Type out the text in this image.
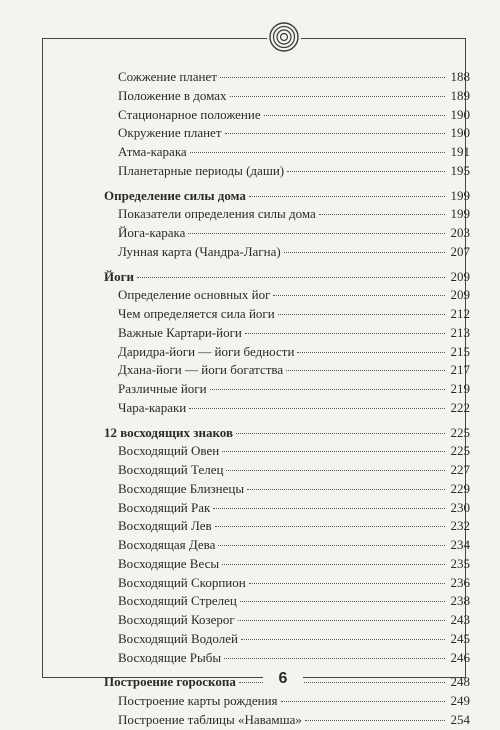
Сожжение планет	188
Положение в домах	189
Стационарное положение	190
Окружение планет	190
Атма-карака	191
Планетарные периоды (даши)	195
Определение силы дома	199
Показатели определения силы дома	199
Йога-карака	203
Лунная карта (Чандра-Лагна)	207
Йоги	209
Определение основных йог	209
Чем определяется сила йоги	212
Важные Картари-йоги	213
Даридра-йоги — йоги бедности	215
Дхана-йоги — йоги богатства	217
Различные йоги	219
Чара-караки	222
12 восходящих знаков	225
Восходящий Овен	225
Восходящий Телец	227
Восходящие Близнецы	229
Восходящий Рак	230
Восходящий Лев	232
Восходящая Дева	234
Восходящие Весы	235
Восходящий Скорпион	236
Восходящий Стрелец	238
Восходящий Козерог	243
Восходящий Водолей	245
Восходящие Рыбы	246
Построение гороскопа	248
Построение карты рождения	249
Построение таблицы «Навамша»	254
6
